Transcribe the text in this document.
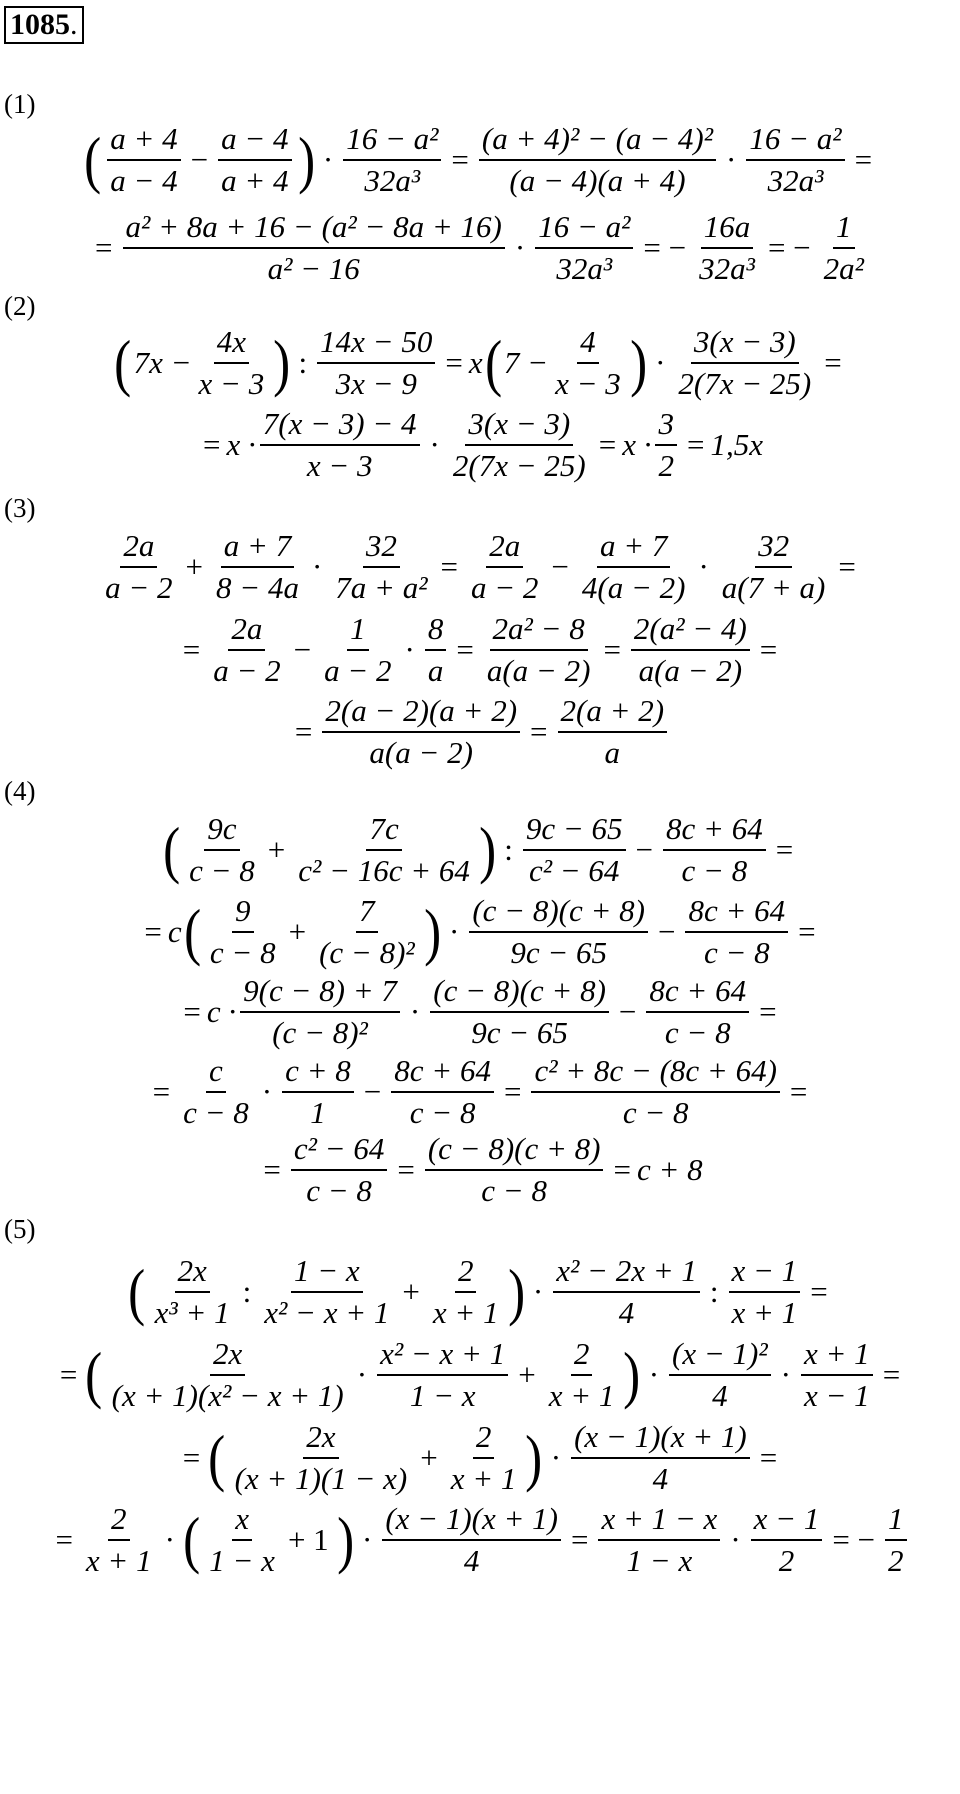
1085.
(1)
( $\frac{a + 4}{a - 4} - \frac{a - 4}{a + 4}$ ) · $\frac{\text{16 − a²}}{\text{32a³}} = \frac{\text{(a + 4)² − (a − 4)²}}{(a - 4)(a + 4)} \cdot \frac{\text{16 − a²}}{\text{32a³}}$ =
= $\frac{\text{a² + 8a + 16 − (a² − 8a + 16)}}{\text{a² − 16}} \cdot \frac{\text{16 − a²}}{\text{32a³}}$ = − $\frac{16a}{\text{32a³}}$ = − $\frac{1}{\text{2a²}}$
(2)
( $7x - \frac{4x}{x - 3}$ ) : $\frac{14x - 50}{3x - 9} = x$ ( $7 - \frac{4}{x - 3}$ ) · $\frac{3(x - 3)}{2(7x - 25)}$ =
= $x \cdot \frac{7(x - 3) - 4}{x - 3} \cdot \frac{3(x - 3)}{2(7x - 25)} = x \cdot \frac{3}{2} = 1,5x$
(3)
$\frac{2a}{a - 2} + \frac{a + 7}{8 - 4a} \cdot \frac{32}{\text{7a + a²}} = \frac{2a}{a - 2} - \frac{a + 7}{4(a - 2)} \cdot \frac{32}{a(7 + a)}$ =
= $\frac{2a}{a - 2} - \frac{1}{a - 2} \cdot \frac{8}{a} = \frac{\text{2a² − 8}}{a(a - 2)} = \frac{\text{2(a² − 4)}}{a(a - 2)}$ =
= $\frac{2(a - 2)(a + 2)}{a(a - 2)} = \frac{2(a + 2)}{a}$
(4)
( $\frac{9c}{c - 8} + \frac{7c}{\text{c² − 16c + 64}}$ ) : $\frac{9c - 65}{\text{c² − 64}} - \frac{8c + 64}{c - 8}$ =
= c ( $\frac{9}{c - 8} + \frac{7}{\text{(c − 8)²}}$ ) · $\frac{(c - 8)(c + 8)}{9c - 65} - \frac{8c + 64}{c - 8}$ =
= $c \cdot \frac{9(c - 8) + 7}{\text{(c − 8)²}} \cdot \frac{(c - 8)(c + 8)}{9c - 65} - \frac{8c + 64}{c - 8}$ =
= $\frac{c}{c - 8} \cdot \frac{c + 8}{1} - \frac{8c + 64}{c - 8} = \frac{\text{c² + 8c − (8c + 64)}}{c - 8}$ =
= $\frac{\text{c² − 64}}{c - 8} = \frac{(c - 8)(c + 8)}{c - 8} = c + 8$
(5)
( $\frac{2x}{\text{x³ + 1}}$ : $\frac{1 - x}{\text{x² − x + 1}} + \frac{2}{x + 1}$ ) · $\frac{\text{x² − 2x + 1}}{4}$ : $\frac{x - 1}{x + 1}$ =
= ( $\frac{2x}{\text{(x + 1)(x² − x + 1)}} \cdot \frac{\text{x² − x + 1}}{1 - x} + \frac{2}{x + 1}$ ) · $\frac{\text{(x − 1)²}}{4} \cdot \frac{x + 1}{x - 1}$ =
= ( $\frac{2x}{(x + 1)(1 - x)} + \frac{2}{x + 1}$ ) · $\frac{(x - 1)(x + 1)}{4}$ =
= $\frac{2}{x + 1}$ · ( $\frac{x}{1 - x} + 1$ ) · $\frac{(x - 1)(x + 1)}{4} = \frac{x + 1 - x}{1 - x} \cdot \frac{x - 1}{2}$ = − $\frac{1}{2}$
